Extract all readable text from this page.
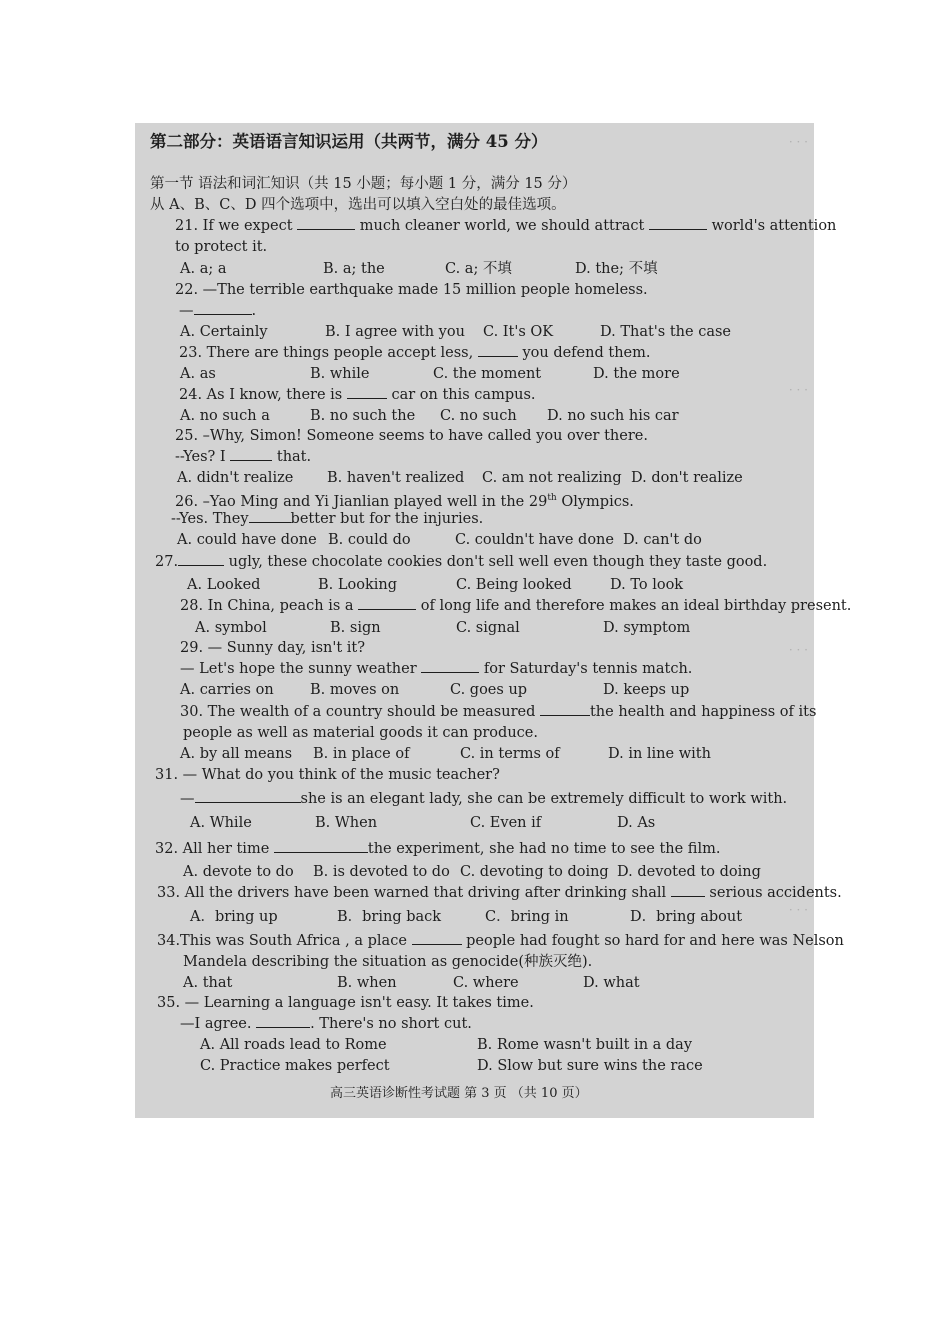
· · ·
· · ·
· · ·
· · ·
第二部分：英语语言知识运用（共两节，满分 45 分）
第一节 语法和词汇知识（共 15 小题；每小题 1 分，满分 15 分）
从 A、B、C、D 四个选项中，选出可以填入空白处的最佳选项。
21. If we expect	much cleaner world, we should attract	world's attention
to protect it.
A. a; a	B. a; the	C. a; 不填	D. the; 不填
22. —The terrible earthquake made 15 million people homeless.
—	.
A. Certainly	B. I agree with you C. It's OK	D. That's the case
23. There are things people accept less,	you defend them.
A. as	B. while	C. the moment	D. the more
24. As I know, there is	car on this campus.
A. no such a	B. no such the C. no such D. no such his car
25. –Why, Simon! Someone seems to have called you over there.
--Yes? I	that.
A. didn't realize B. haven't realized C. am not realizing D. don't realize
26. –Yao Ming and Yi Jianlian played well in the 29th Olympics.
--Yes. They	better but for the injuries.
A. could have done B. could do	C. couldn't have done D. can't do
27.	ugly, these chocolate cookies don't sell well even though they taste good.
A. Looked	B. Looking	C. Being looked	D. To look
28. In China, peach is a	of long life and therefore makes an ideal birthday present.
A. symbol	B. sign	C. signal	D. symptom
29. — Sunny day, isn't it?
— Let's hope the sunny weather	for Saturday's tennis match.
A. carries on	B. moves on	C. goes up	D. keeps up
30. The wealth of a country should be measured	the health and happiness of its
people as well as material goods it can produce.
A. by all means B. in place of	C. in terms of	D. in line with
31. — What do you think of the music teacher?
—	she is an elegant lady, she can be extremely difficult to work with.
A. While	B. When	C. Even if	D. As
32. All her time	the experiment, she had no time to see the film.
A. devote to do B. is devoted to do C. devoting to doing D. devoted to doing
33. All the drivers have been warned that driving after drinking shall	serious accidents.
A．bring up	B．bring back	C．bring in	D．bring about
34.This was South Africa , a place	people had fought so hard for and here was Nelson
Mandela describing the situation as genocide(种族灭绝).
A. that	B. when	C. where	D. what
35. — Learning a language isn't easy. It takes time.
—I agree.	. There's no short cut.
A. All roads lead to Rome	B. Rome wasn't built in a day
C. Practice makes perfect	D. Slow but sure wins the race
高三英语诊断性考试题 第 3 页 （共 10 页）
